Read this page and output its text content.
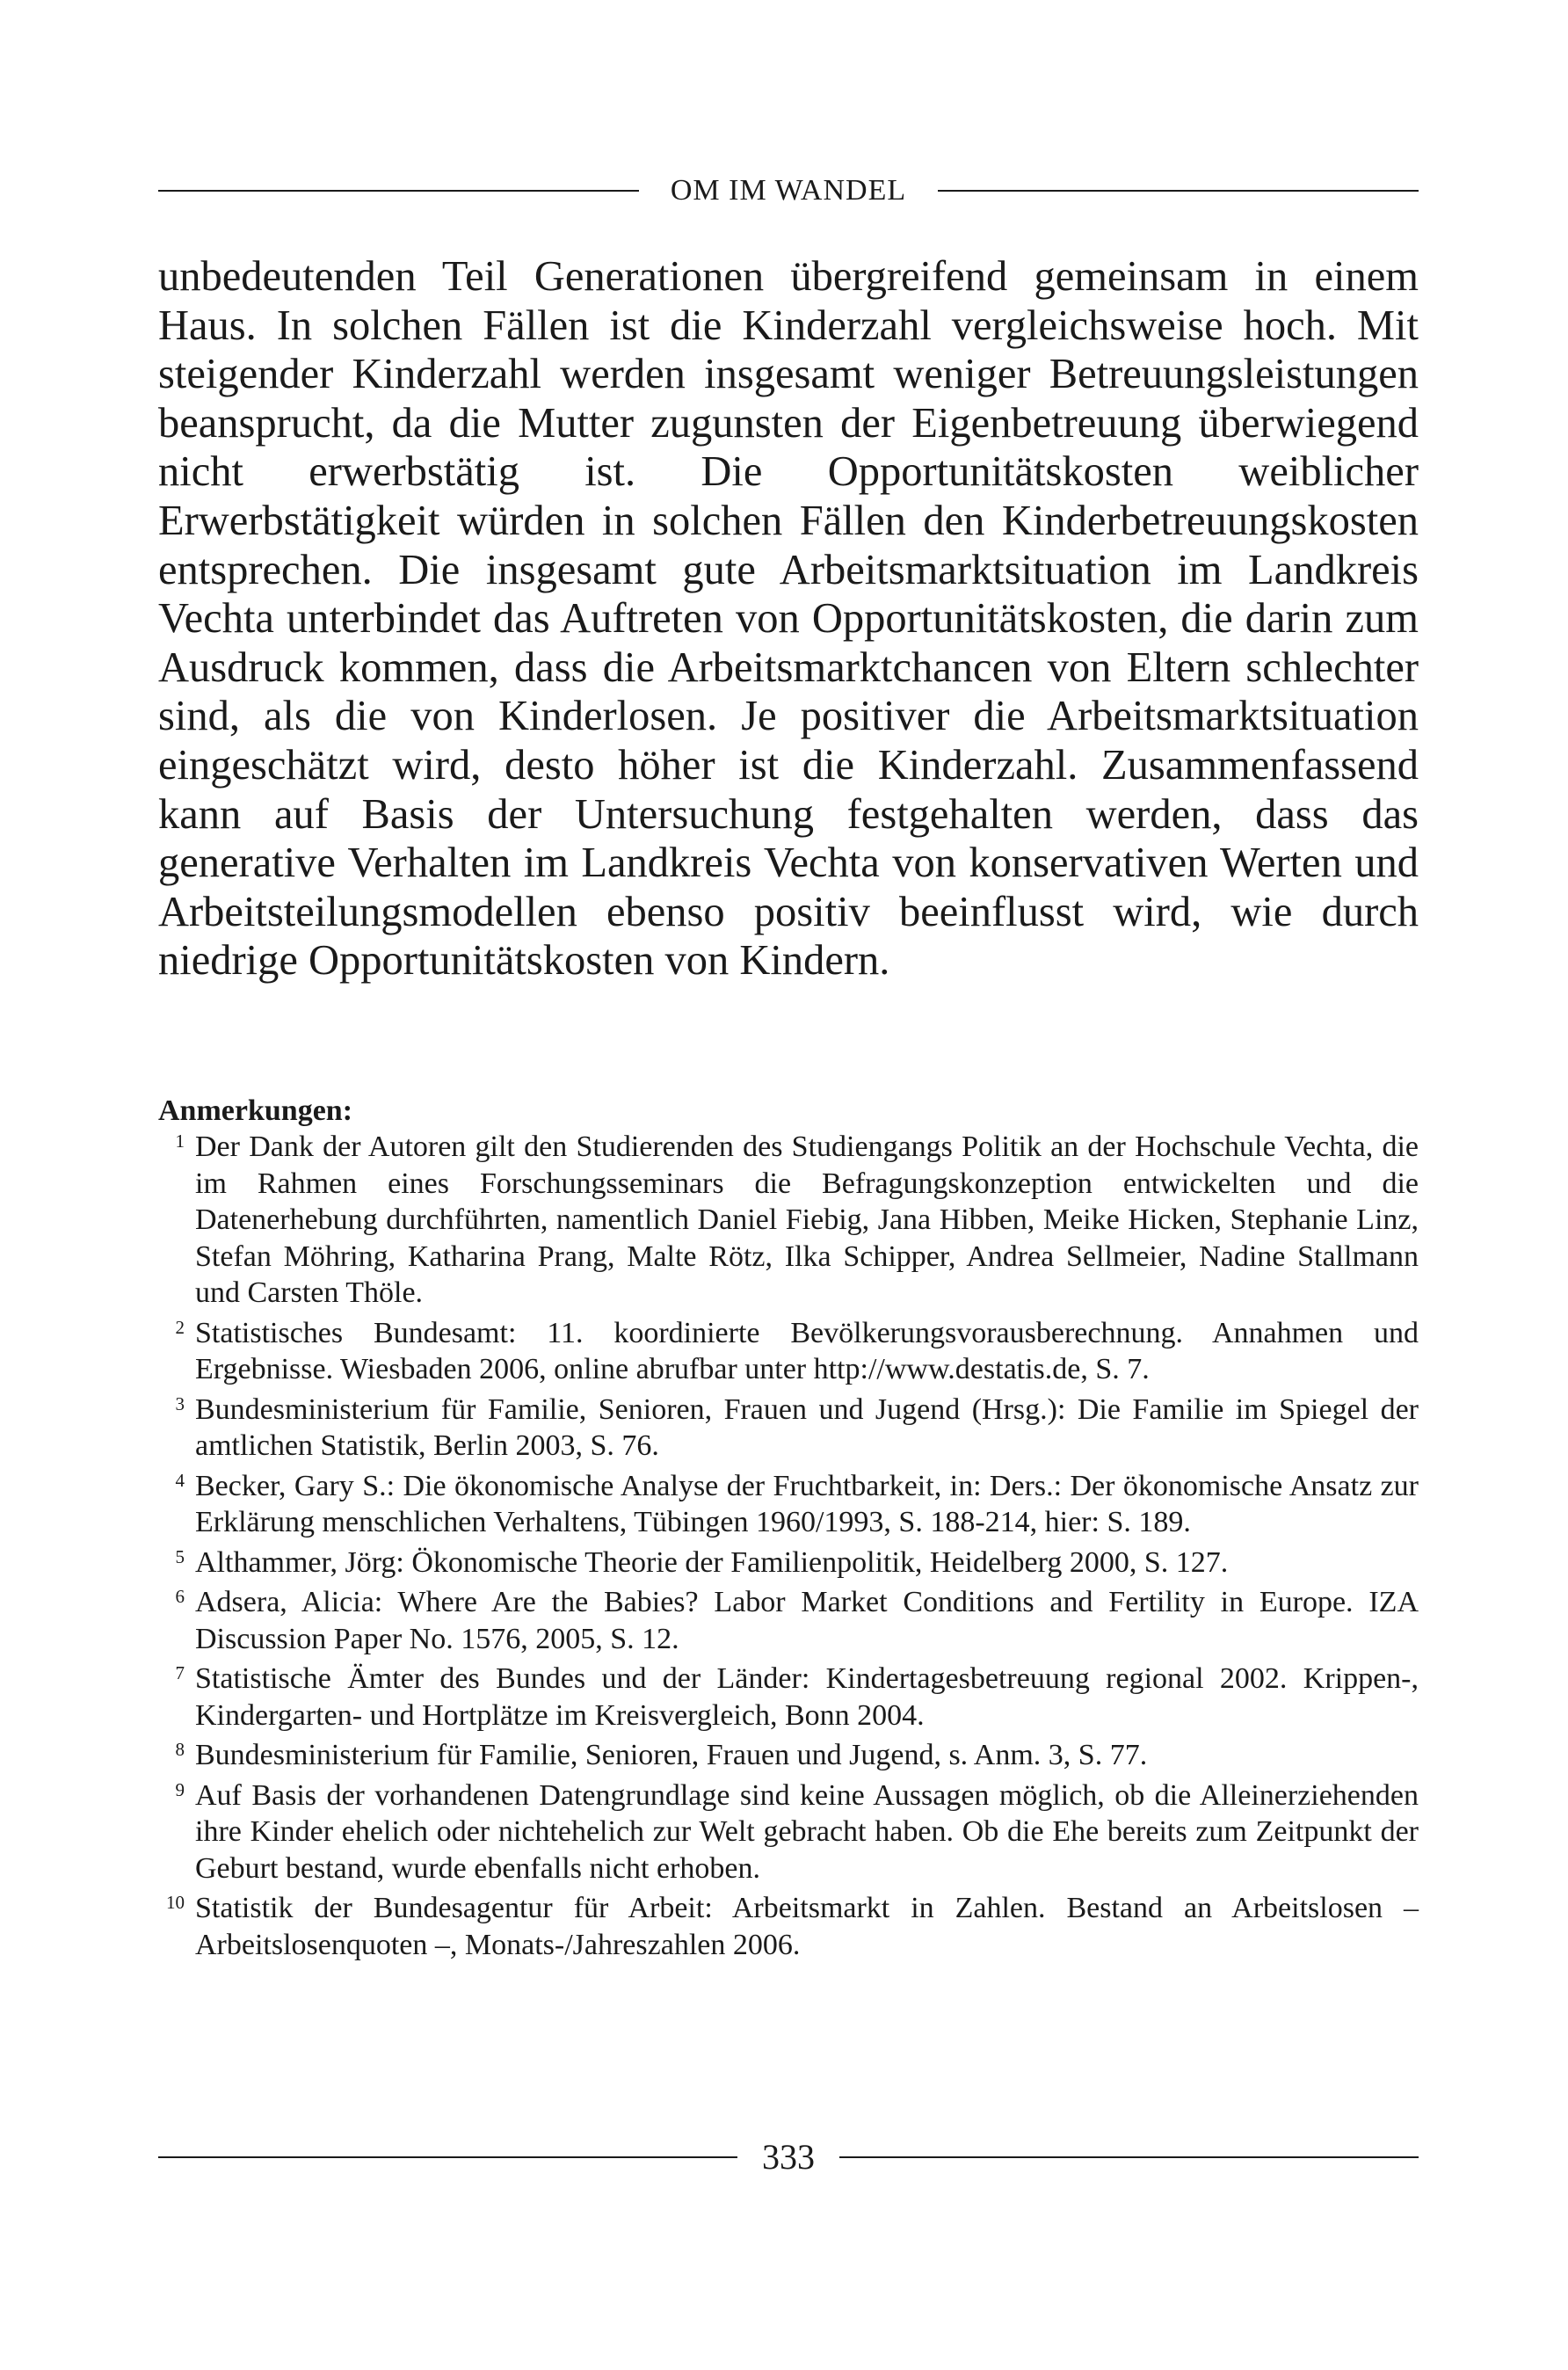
OM IM WANDEL

unbedeutenden Teil Generationen übergreifend gemeinsam in einem Haus. In solchen Fällen ist die Kinderzahl vergleichsweise hoch. Mit steigender Kinderzahl werden insgesamt weniger Betreuungsleistungen beansprucht, da die Mutter zugunsten der Eigenbetreuung überwiegend nicht erwerbstätig ist. Die Opportunitätskosten weiblicher Erwerbstätigkeit würden in solchen Fällen den Kinderbetreuungskosten entsprechen. Die insgesamt gute Arbeitsmarktsituation im Landkreis Vechta unterbindet das Auftreten von Opportunitätskosten, die darin zum Ausdruck kommen, dass die Arbeitsmarktchancen von Eltern schlechter sind, als die von Kinderlosen. Je positiver die Arbeitsmarktsituation eingeschätzt wird, desto höher ist die Kinderzahl. Zusammenfassend kann auf Basis der Untersuchung festgehalten werden, dass das generative Verhalten im Landkreis Vechta von konservativen Werten und Arbeitsteilungsmodellen ebenso positiv beeinflusst wird, wie durch niedrige Opportunitätskosten von Kindern.

Anmerkungen:
1 Der Dank der Autoren gilt den Studierenden des Studiengangs Politik an der Hochschule Vechta, die im Rahmen eines Forschungsseminars die Befragungskonzeption entwickelten und die Datenerhebung durchführten, namentlich Daniel Fiebig, Jana Hibben, Meike Hicken, Stephanie Linz, Stefan Möhring, Katharina Prang, Malte Rötz, Ilka Schipper, Andrea Sellmeier, Nadine Stallmann und Carsten Thöle.
2 Statistisches Bundesamt: 11. koordinierte Bevölkerungsvorausberechnung. Annahmen und Ergebnisse. Wiesbaden 2006, online abrufbar unter http://www.destatis.de, S. 7.
3 Bundesministerium für Familie, Senioren, Frauen und Jugend (Hrsg.): Die Familie im Spiegel der amtlichen Statistik, Berlin 2003, S. 76.
4 Becker, Gary S.: Die ökonomische Analyse der Fruchtbarkeit, in: Ders.: Der ökonomische Ansatz zur Erklärung menschlichen Verhaltens, Tübingen 1960/1993, S. 188-214, hier: S. 189.
5 Althammer, Jörg: Ökonomische Theorie der Familienpolitik, Heidelberg 2000, S. 127.
6 Adsera, Alicia: Where Are the Babies? Labor Market Conditions and Fertility in Europe. IZA Discussion Paper No. 1576, 2005, S. 12.
7 Statistische Ämter des Bundes und der Länder: Kindertagesbetreuung regional 2002. Krippen-, Kindergarten- und Hortplätze im Kreisvergleich, Bonn 2004.
8 Bundesministerium für Familie, Senioren, Frauen und Jugend, s. Anm. 3, S. 77.
9 Auf Basis der vorhandenen Datengrundlage sind keine Aussagen möglich, ob die Alleinerziehenden ihre Kinder ehelich oder nichtehelich zur Welt gebracht haben. Ob die Ehe bereits zum Zeitpunkt der Geburt bestand, wurde ebenfalls nicht erhoben.
10 Statistik der Bundesagentur für Arbeit: Arbeitsmarkt in Zahlen. Bestand an Arbeitslosen – Arbeitslosenquoten –, Monats-/Jahreszahlen 2006.
333
